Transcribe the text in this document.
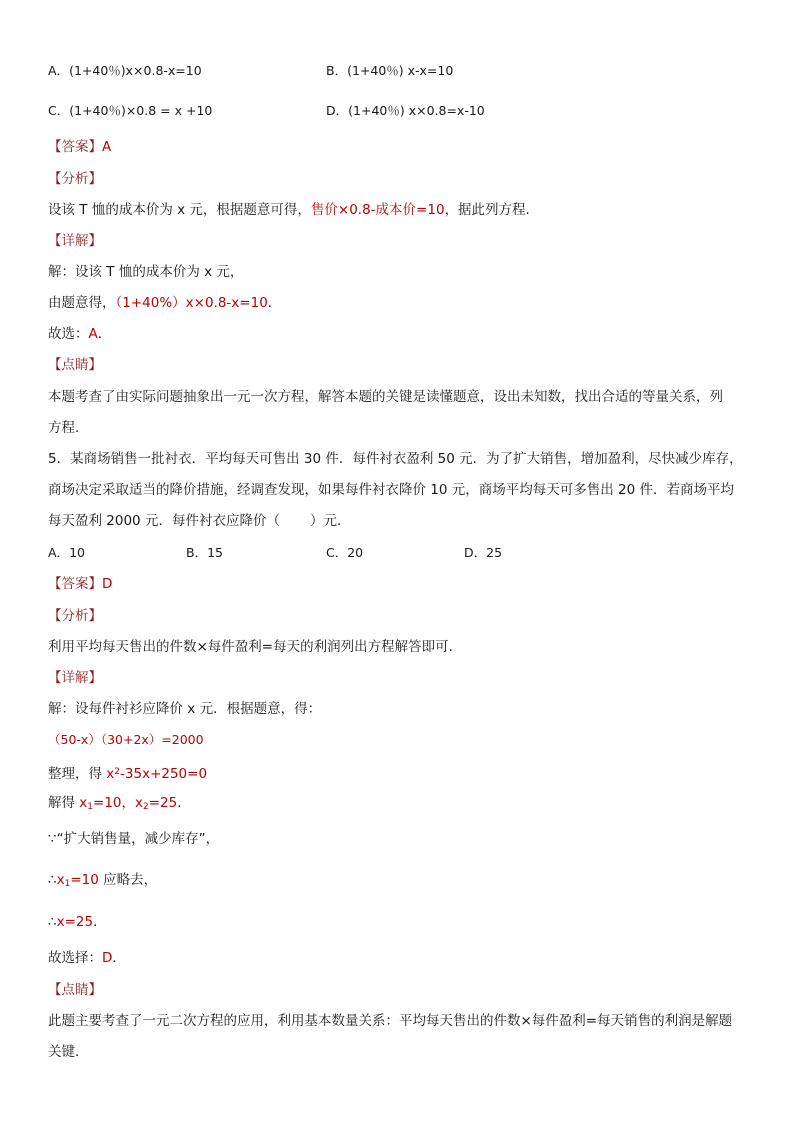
A．(1+40％)x×0.8-x=10	B．(1+40％) x-x=10
C．(1+40％)×0.8 = x +10	D．(1+40％) x×0.8=x-10
【答案】A
【分析】
设该 T 恤的成本价为 x 元，根据题意可得，售价×0.8-成本价=10，据此列方程．
【详解】
解：设该 T 恤的成本价为 x 元，
由题意得，（1+40%）x×0.8-x=10．
故选：A．
【点睛】
本题考查了由实际问题抽象出一元一次方程，解答本题的关键是读懂题意，设出未知数，找出合适的等量关系，列
方程．
5．某商场销售一批衬衣．平均每天可售出 30 件．每件衬衣盈利 50 元．为了扩大销售，增加盈利，尽快减少库存，
商场决定采取适当的降价措施，经调查发现，如果每件衬衣降价 10 元，商场平均每天可多售出 20 件．若商场平均
每天盈利 2000 元．每件衬衣应降价（ ）元．
A．10	B．15	C．20	D．25
【答案】D
【分析】
利用平均每天售出的件数×每件盈利=每天的利润列出方程解答即可．
【详解】
解：设每件衬衫应降价 x 元．根据题意，得：
（50-x）（30+2x）=2000
整理，得 $x^2-35x+250=0$
解得 $x_1=10$，$x_2=25$．
∵“扩大销售量，减少库存”，
$\therefore x_1=10$ 应略去，
∴x=25．
故选择：D．
【点睛】
此题主要考查了一元二次方程的应用，利用基本数量关系：平均每天售出的件数×每件盈利=每天销售的利润是解题
关键．
